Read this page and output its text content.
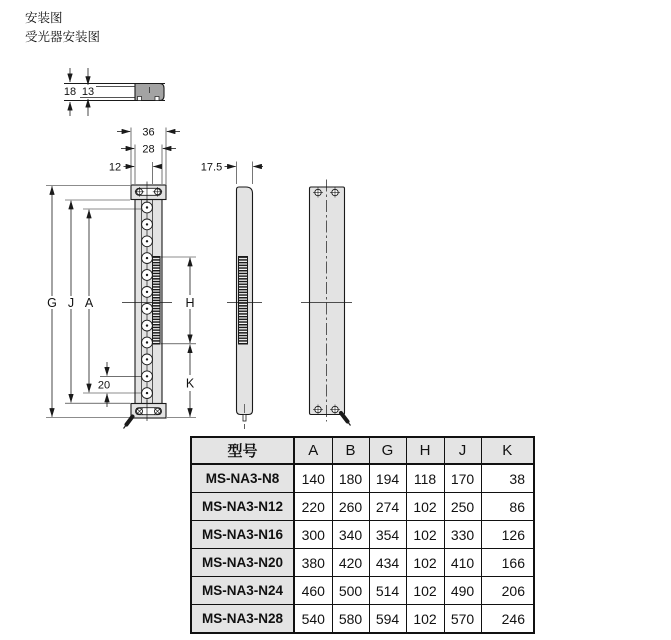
安装图
受光器安装图
18 13
36
28
12	17.5
20
G J A	H
K
型号	A	B	G	H	J	K
MS-NA3-N8	140	180	194	118	170	38
MS-NA3-N12	220	260	274	102	250	86
MS-NA3-N16	300	340	354	102	330	126
MS-NA3-N20	380	420	434	102	410	166
MS-NA3-N24	460	500	514	102	490	206
MS-NA3-N28	540	580	594	102	570	246
